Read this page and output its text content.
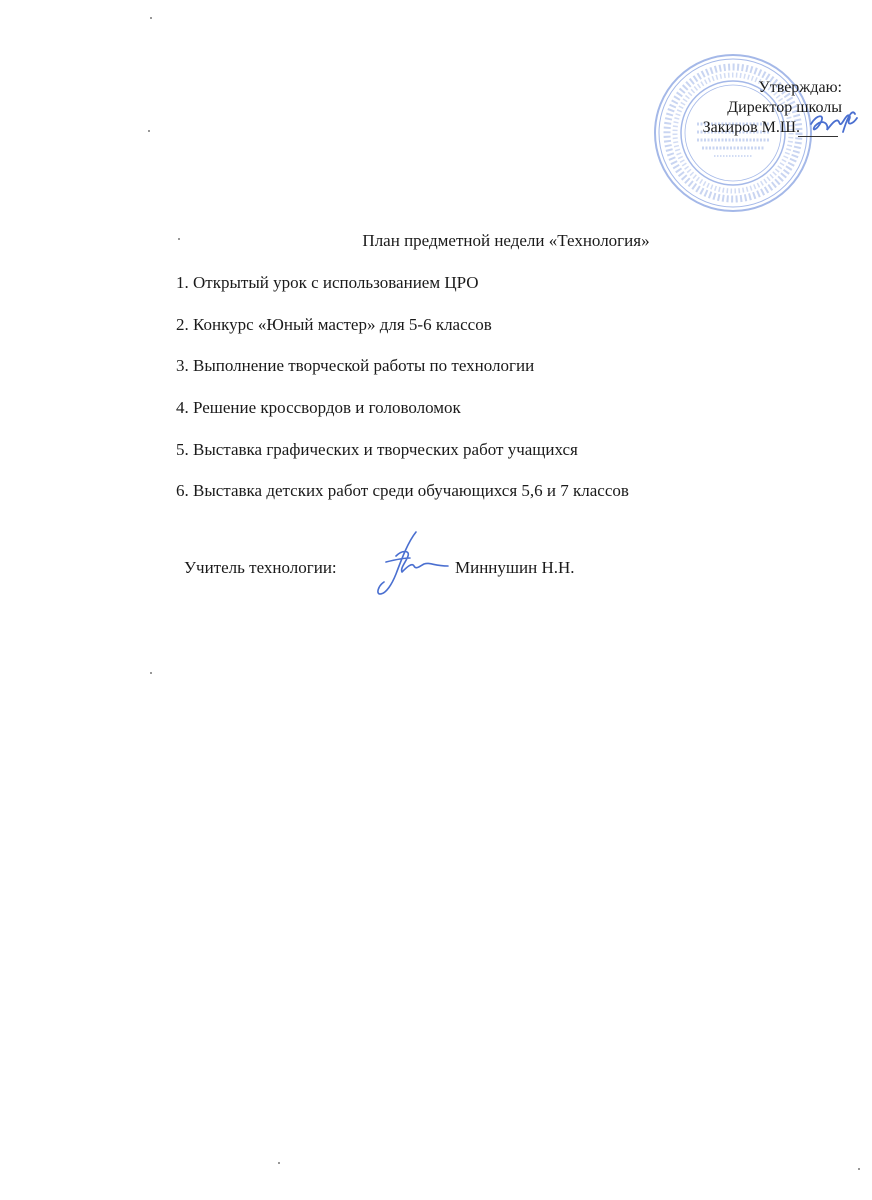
Утверждаю:
Директор школы
Закиров М.Ш.
План предметной недели «Технология»
1. Открытый урок с использованием ЦРО
2. Конкурс «Юный мастер» для 5-6 классов
3. Выполнение творческой работы по технологии
4. Решение кроссвордов и головоломок
5. Выставка графических и творческих работ учащихся
6. Выставка детских работ среди обучающихся 5,6 и 7 классов
Учитель технологии:	Миннушин Н.Н.
